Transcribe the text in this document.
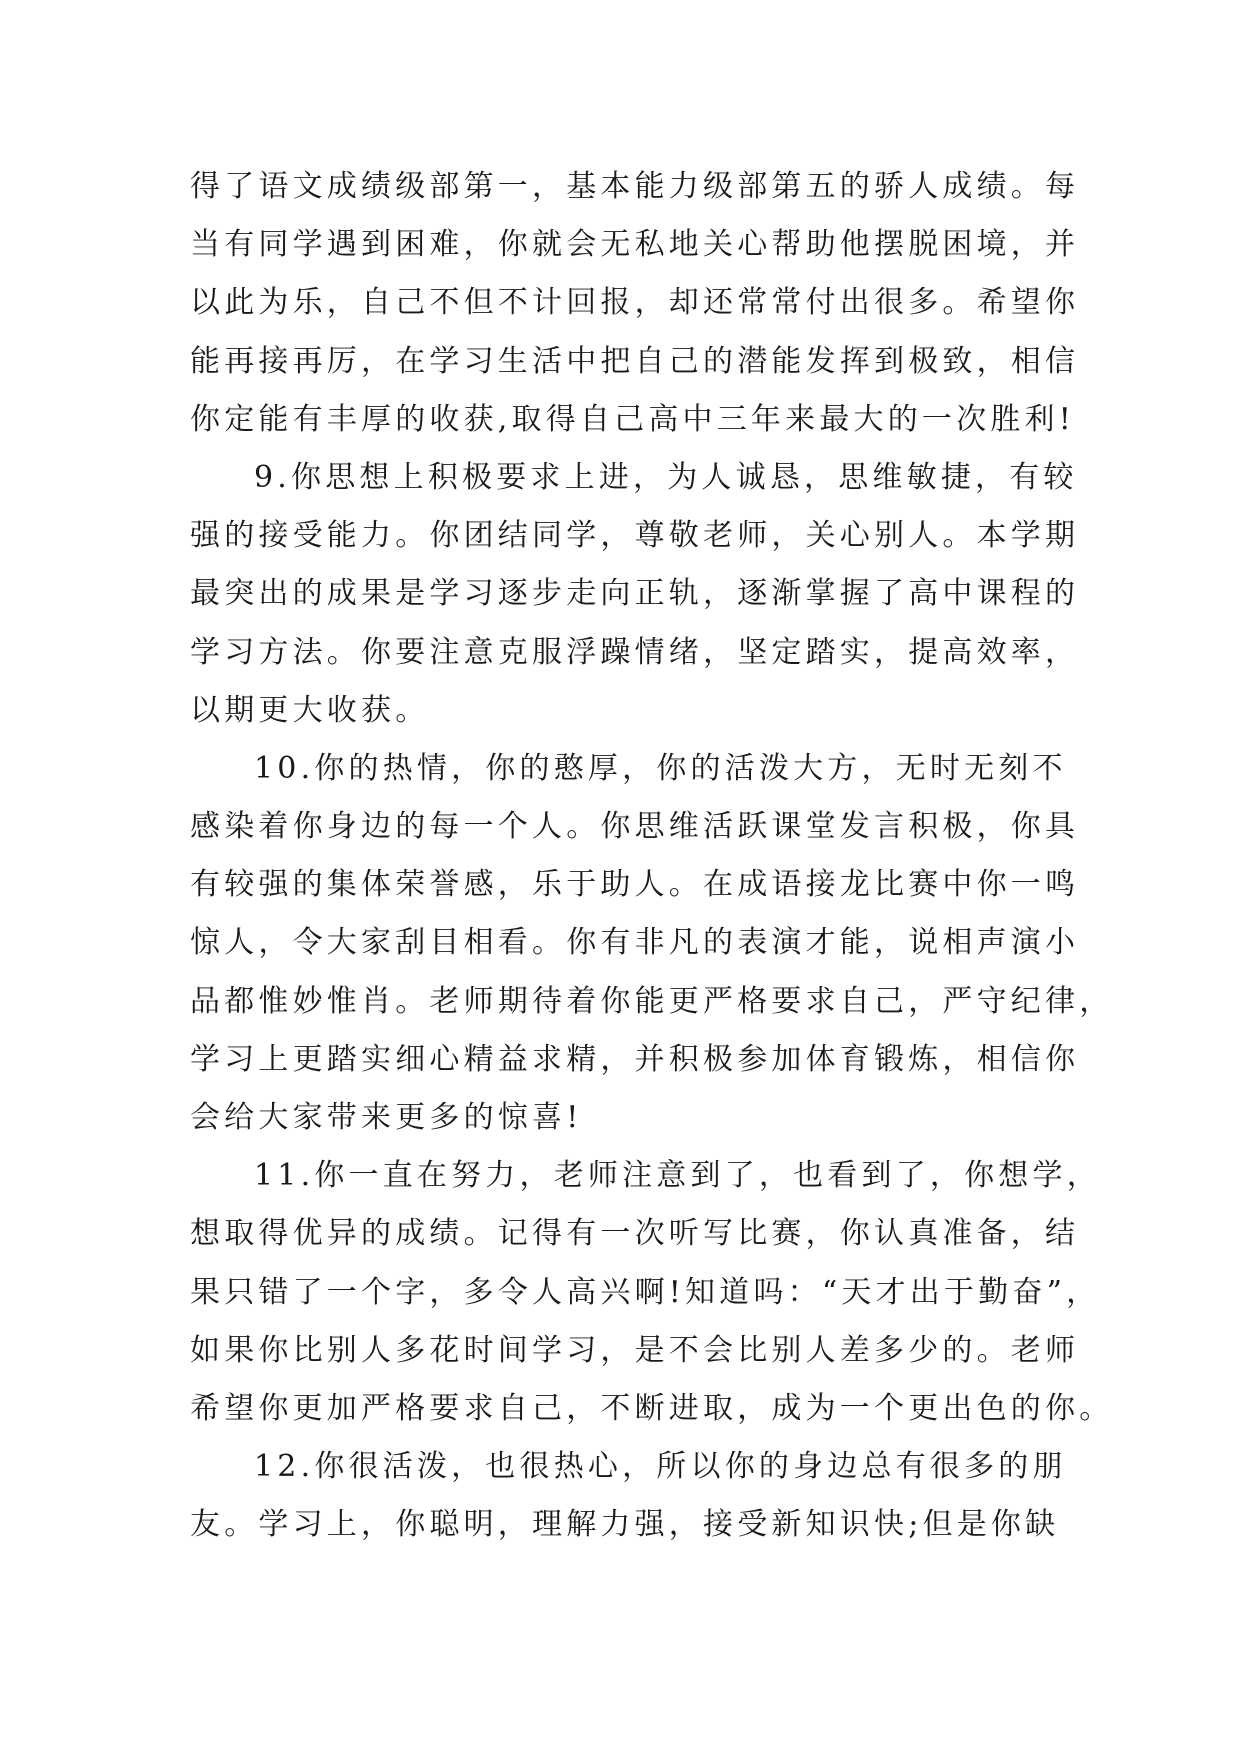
得了语文成绩级部第一，基本能力级部第五的骄人成绩。每
当有同学遇到困难，你就会无私地关心帮助他摆脱困境，并
以此为乐，自己不但不计回报，却还常常付出很多。希望你
能再接再厉，在学习生活中把自己的潜能发挥到极致，相信
你定能有丰厚的收获,取得自己高中三年来最大的一次胜利!
9.你思想上积极要求上进，为人诚恳，思维敏捷，有较
强的接受能力。你团结同学，尊敬老师，关心别人。本学期
最突出的成果是学习逐步走向正轨，逐渐掌握了高中课程的
学习方法。你要注意克服浮躁情绪，坚定踏实，提高效率，
以期更大收获。
10.你的热情，你的憨厚，你的活泼大方，无时无刻不
感染着你身边的每一个人。你思维活跃课堂发言积极，你具
有较强的集体荣誉感，乐于助人。在成语接龙比赛中你一鸣
惊人，令大家刮目相看。你有非凡的表演才能，说相声演小
品都惟妙惟肖。老师期待着你能更严格要求自己，严守纪律，
学习上更踏实细心精益求精，并积极参加体育锻炼，相信你
会给大家带来更多的惊喜!
11.你一直在努力，老师注意到了，也看到了，你想学，
想取得优异的成绩。记得有一次听写比赛，你认真准备，结
果只错了一个字，多令人高兴啊!知道吗：“天才出于勤奋”，
如果你比别人多花时间学习，是不会比别人差多少的。老师
希望你更加严格要求自己，不断进取，成为一个更出色的你。
12.你很活泼，也很热心，所以你的身边总有很多的朋
友。学习上，你聪明，理解力强，接受新知识快;但是你缺
